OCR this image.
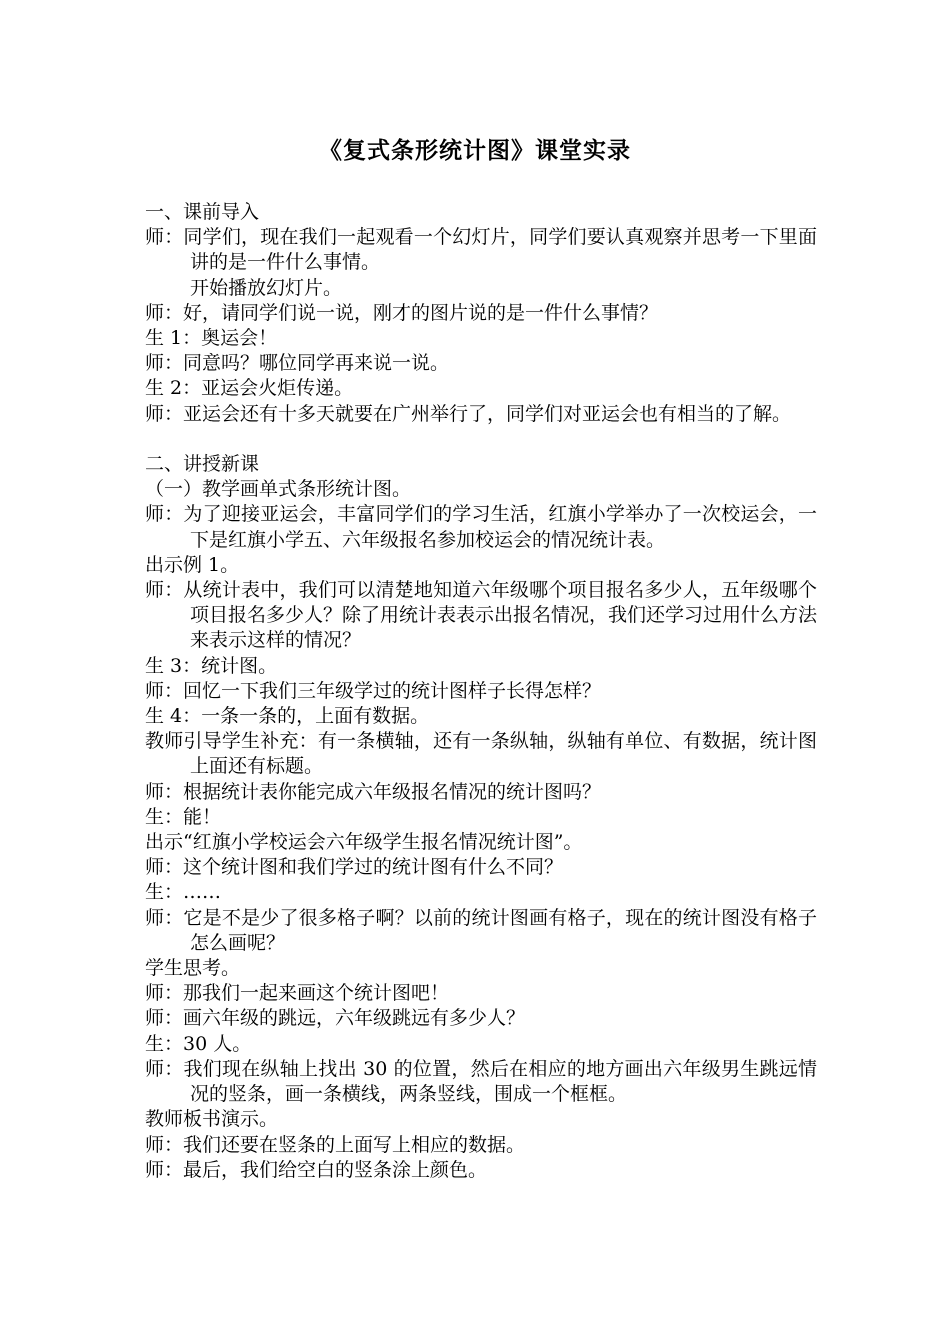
《复式条形统计图》课堂实录

一、课前导入

师：同学们，现在我们一起观看一个幻灯片，同学们要认真观察并思考一下里面讲的是一件什么事情。

开始播放幻灯片。

师：好，请同学们说一说，刚才的图片说的是一件什么事情？

生 1：奥运会！

师：同意吗？哪位同学再来说一说。

生 2：亚运会火炬传递。

师：亚运会还有十多天就要在广州举行了，同学们对亚运会也有相当的了解。

二、讲授新课

（一）教学画单式条形统计图。

师：为了迎接亚运会，丰富同学们的学习生活，红旗小学举办了一次校运会，一下是红旗小学五、六年级报名参加校运会的情况统计表。

出示例 1。

师：从统计表中，我们可以清楚地知道六年级哪个项目报名多少人，五年级哪个项目报名多少人？除了用统计表表示出报名情况，我们还学习过用什么方法来表示这样的情况？

生 3：统计图。

师：回忆一下我们三年级学过的统计图样子长得怎样？

生 4：一条一条的，上面有数据。

教师引导学生补充：有一条横轴，还有一条纵轴，纵轴有单位、有数据，统计图上面还有标题。

师：根据统计表你能完成六年级报名情况的统计图吗？

生：能！

出示“红旗小学校运会六年级学生报名情况统计图”。

师：这个统计图和我们学过的统计图有什么不同？

生：……

师：它是不是少了很多格子啊？以前的统计图画有格子，现在的统计图没有格子怎么画呢？

学生思考。

师：那我们一起来画这个统计图吧！

师：画六年级的跳远，六年级跳远有多少人？

生：30 人。

师：我们现在纵轴上找出 30 的位置，然后在相应的地方画出六年级男生跳远情况的竖条，画一条横线，两条竖线，围成一个框框。

教师板书演示。

师：我们还要在竖条的上面写上相应的数据。

师：最后，我们给空白的竖条涂上颜色。
